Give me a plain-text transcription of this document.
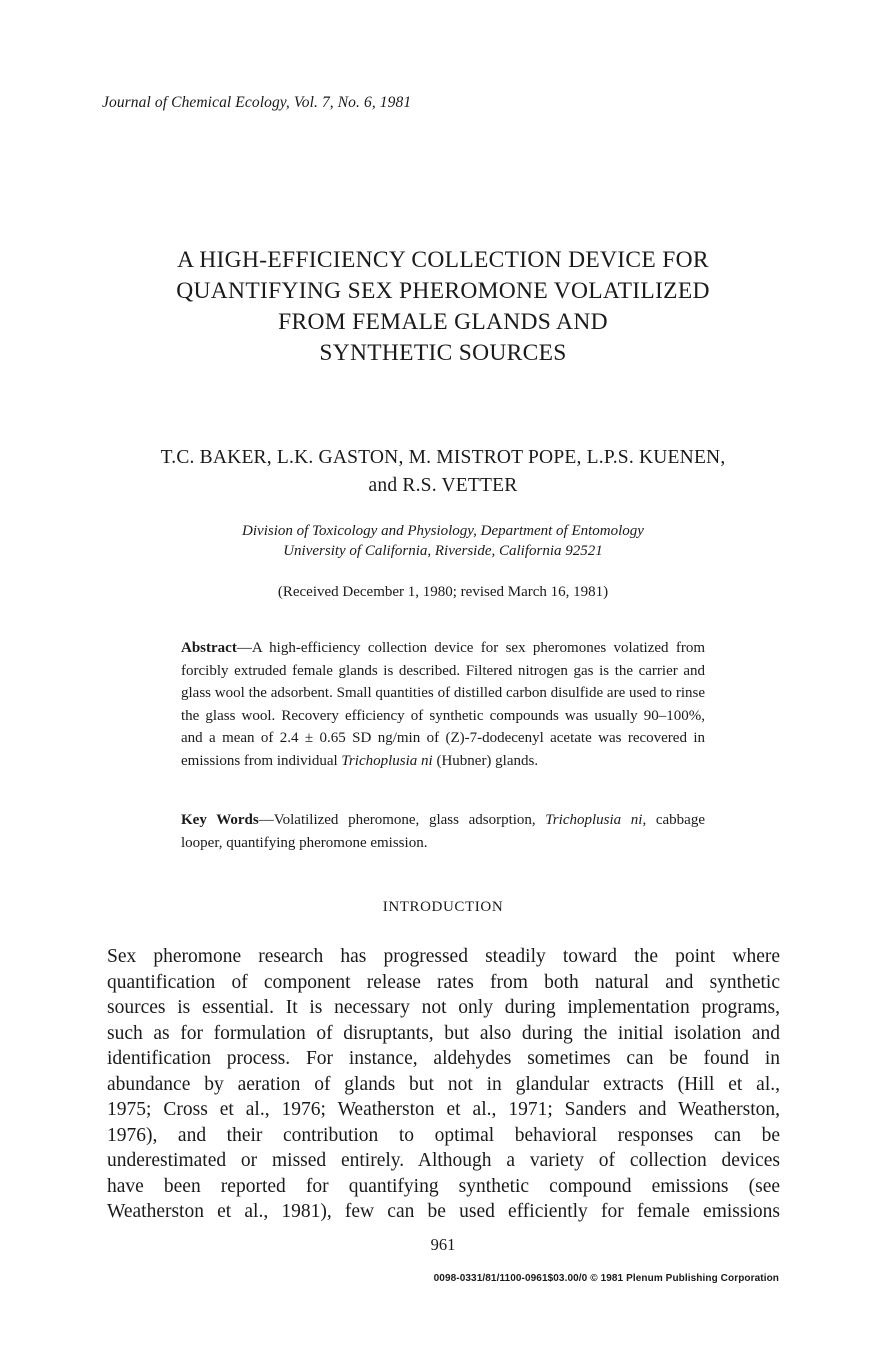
Journal of Chemical Ecology, Vol. 7, No. 6, 1981
A HIGH-EFFICIENCY COLLECTION DEVICE FOR
QUANTIFYING SEX PHEROMONE VOLATILIZED
FROM FEMALE GLANDS AND
SYNTHETIC SOURCES
T.C. BAKER, L.K. GASTON, M. MISTROT POPE, L.P.S. KUENEN,
and R.S. VETTER
Division of Toxicology and Physiology, Department of Entomology
University of California, Riverside, California 92521
(Received December 1, 1980; revised March 16, 1981)
Abstract—A high-efficiency collection device for sex pheromones volatized from forcibly extruded female glands is described. Filtered nitrogen gas is the carrier and glass wool the adsorbent. Small quantities of distilled carbon disulfide are used to rinse the glass wool. Recovery efficiency of synthetic compounds was usually 90–100%, and a mean of 2.4 ± 0.65 SD ng/min of (Z)-7-dodecenyl acetate was recovered in emissions from individual Trichoplusia ni (Hubner) glands.
Key Words—Volatilized pheromone, glass adsorption, Trichoplusia ni, cabbage looper, quantifying pheromone emission.
INTRODUCTION
Sex pheromone research has progressed steadily toward the point where
quantification of component release rates from both natural and synthetic
sources is essential. It is necessary not only during implementation programs,
such as for formulation of disruptants, but also during the initial isolation and
identification process. For instance, aldehydes sometimes can be found in
abundance by aeration of glands but not in glandular extracts (Hill et al.,
1975; Cross et al., 1976; Weatherston et al., 1971; Sanders and Weatherston,
1976), and their contribution to optimal behavioral responses can be
underestimated or missed entirely. Although a variety of collection devices
have been reported for quantifying synthetic compound emissions (see
Weatherston et al., 1981), few can be used efficiently for female emissions
961
0098-0331/81/1100-0961$03.00/0 © 1981 Plenum Publishing Corporation
